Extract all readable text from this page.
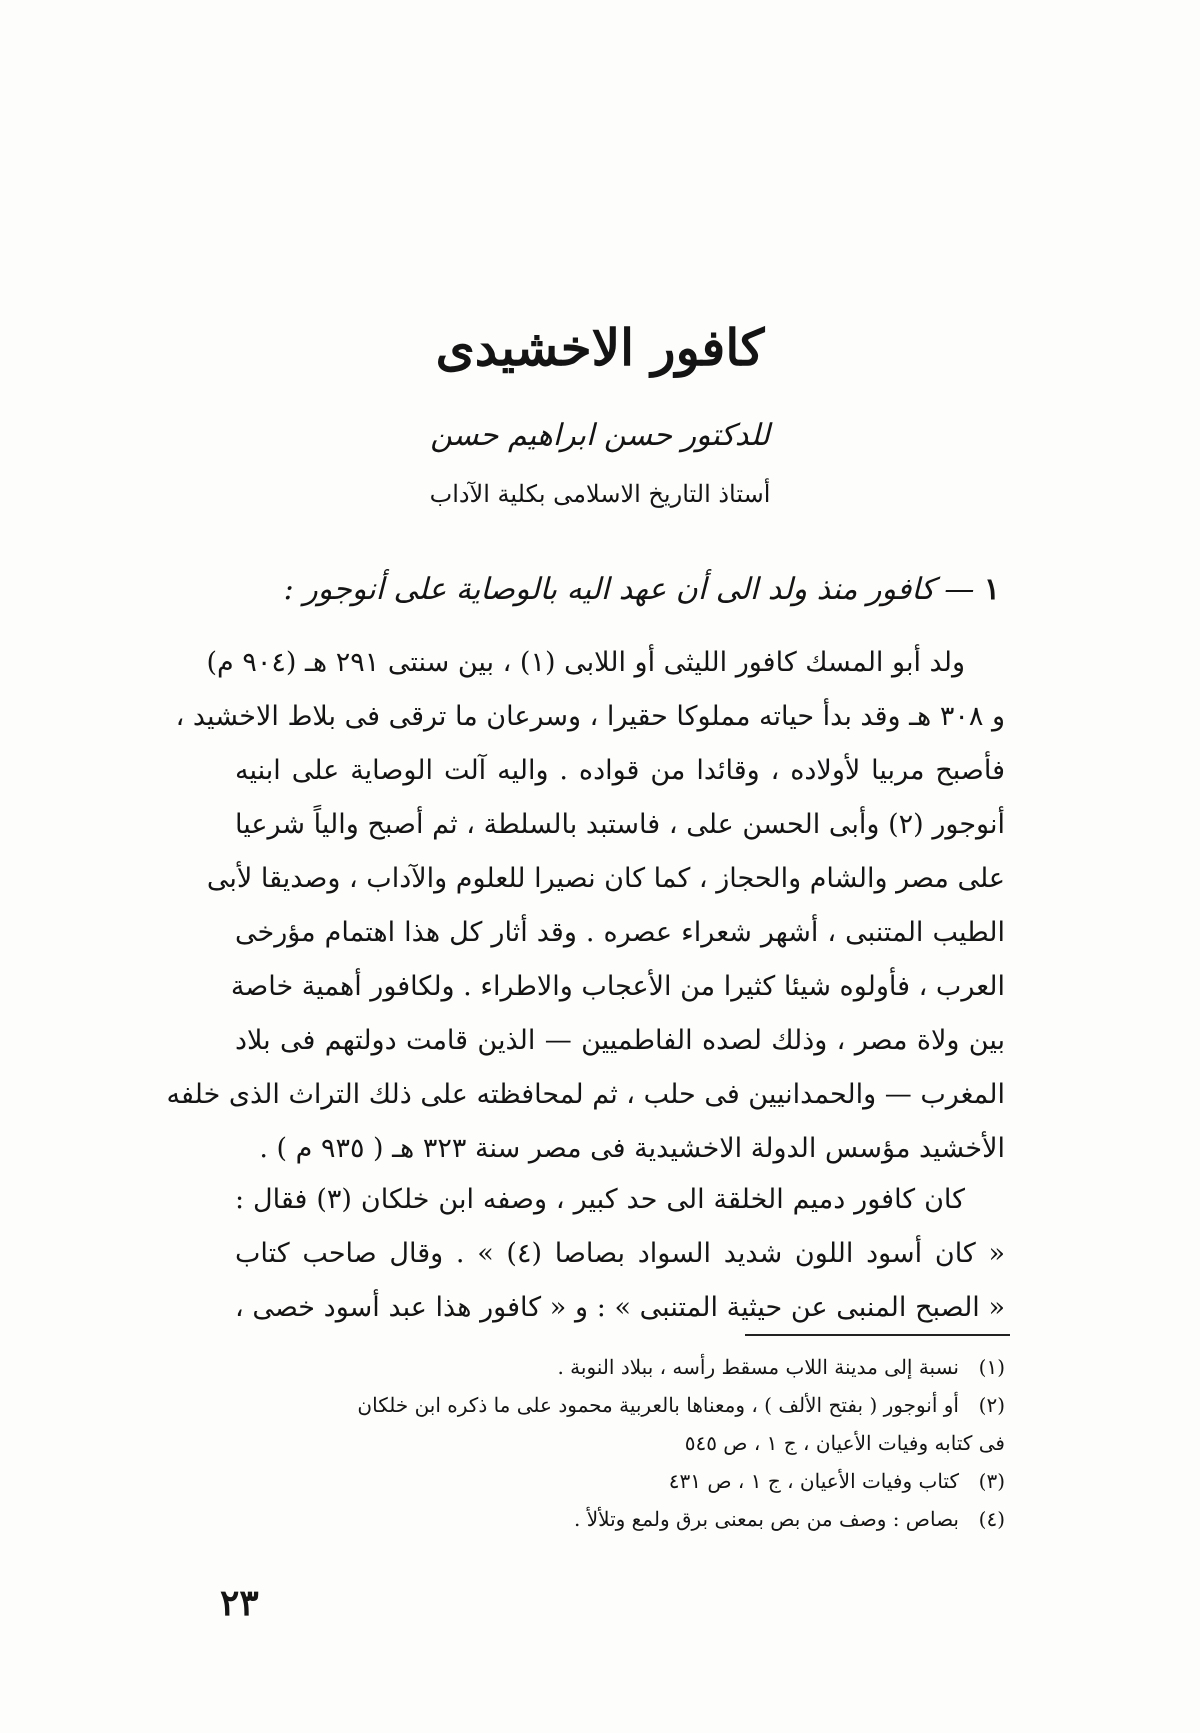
كافور الاخشيدى
للدكتور حسن ابراهيم حسن
أستاذ التاريخ الاسلامى بكلية الآداب
١ — كافور منذ ولد الى أن عهد اليه بالوصاية على أنوجور :
ولد أبو المسك كافور الليثى أو اللابى (١) ، بين سنتى ٢٩١ هـ (٩٠٤ م)
و ٣٠٨ هـ وقد بدأ حياته مملوكا حقيرا ، وسرعان ما ترقى فى بلاط الاخشيد ،
فأصبح مربيا لأولاده ، وقائدا من قواده . واليه آلت الوصاية على ابنيه
أنوجور (٢) وأبى الحسن على ، فاستبد بالسلطة ، ثم أصبح والياً شرعيا
على مصر والشام والحجاز ، كما كان نصيرا للعلوم والآداب ، وصديقا لأبى
الطيب المتنبى ، أشهر شعراء عصره . وقد أثار كل هذا اهتمام مؤرخى
العرب ، فأولوه شيئا كثيرا من الأعجاب والاطراء . ولكافور أهمية خاصة
بين ولاة مصر ، وذلك لصده الفاطميين — الذين قامت دولتهم فى بلاد
المغرب — والحمدانيين فى حلب ، ثم لمحافظته على ذلك التراث الذى خلفه
الأخشيد مؤسس الدولة الاخشيدية فى مصر سنة ٣٢٣ هـ ( ٩٣٥ م ) .
كان كافور دميم الخلقة الى حد كبير ، وصفه ابن خلكان (٣) فقال :
« كان أسود اللون شديد السواد بصاصا (٤) » . وقال صاحب كتاب
« الصبح المنبى عن حيثية المتنبى » : و « كافور هذا عبد أسود خصى ،
(١)نسبة إلى مدينة اللاب مسقط رأسه ، ببلاد النوبة .
(٢)أو أنوجور ( بفتح الألف ) ، ومعناها بالعربية محمود على ما ذكره ابن خلكان
فى كتابه وفيات الأعيان ، ج ١ ، ص ٥٤٥
(٣)كتاب وفيات الأعيان ، ج ١ ، ص ٤٣١
(٤)بصاص : وصف من بص بمعنى برق ولمع وتلألأ .
٢٣
